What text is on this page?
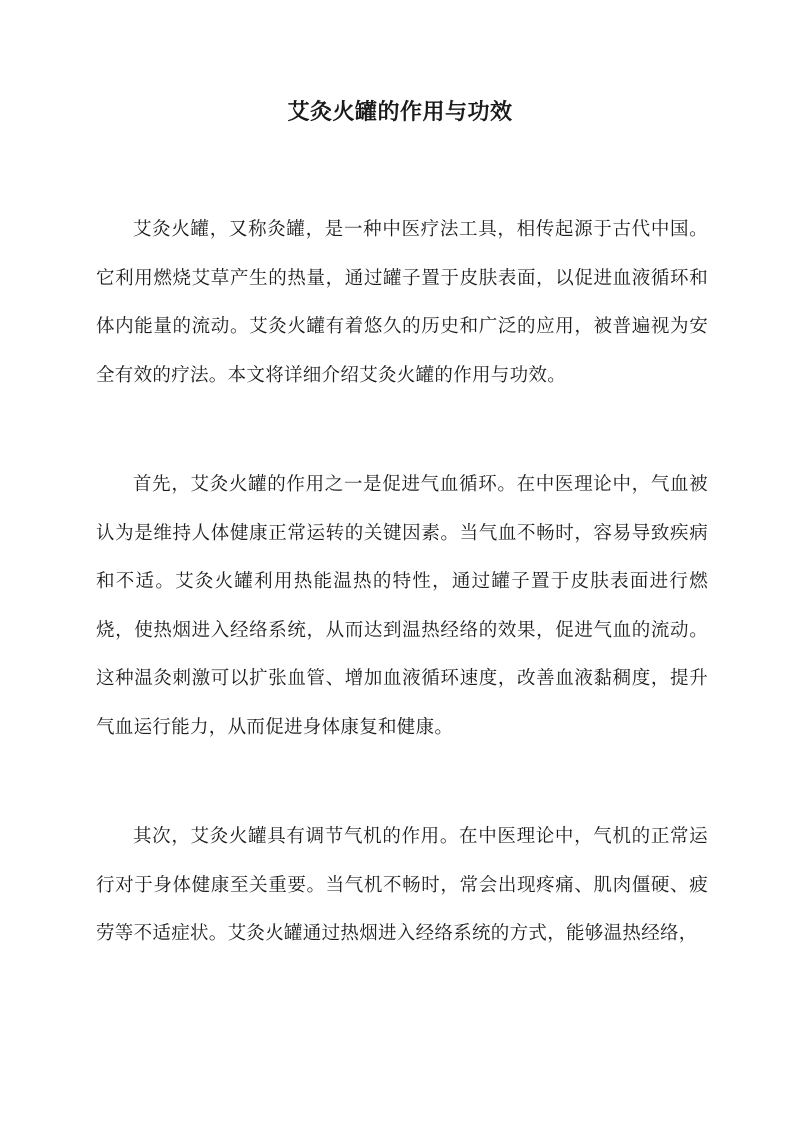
艾灸火罐的作用与功效

艾灸火罐，又称灸罐，是一种中医疗法工具，相传起源于古代中国。它利用燃烧艾草产生的热量，通过罐子置于皮肤表面，以促进血液循环和体内能量的流动。艾灸火罐有着悠久的历史和广泛的应用，被普遍视为安全有效的疗法。本文将详细介绍艾灸火罐的作用与功效。

首先，艾灸火罐的作用之一是促进气血循环。在中医理论中，气血被认为是维持人体健康正常运转的关键因素。当气血不畅时，容易导致疾病和不适。艾灸火罐利用热能温热的特性，通过罐子置于皮肤表面进行燃烧，使热烟进入经络系统，从而达到温热经络的效果，促进气血的流动。这种温灸刺激可以扩张血管、增加血液循环速度，改善血液黏稠度，提升气血运行能力，从而促进身体康复和健康。

其次，艾灸火罐具有调节气机的作用。在中医理论中，气机的正常运行对于身体健康至关重要。当气机不畅时，常会出现疼痛、肌肉僵硬、疲劳等不适症状。艾灸火罐通过热烟进入经络系统的方式，能够温热经络，
